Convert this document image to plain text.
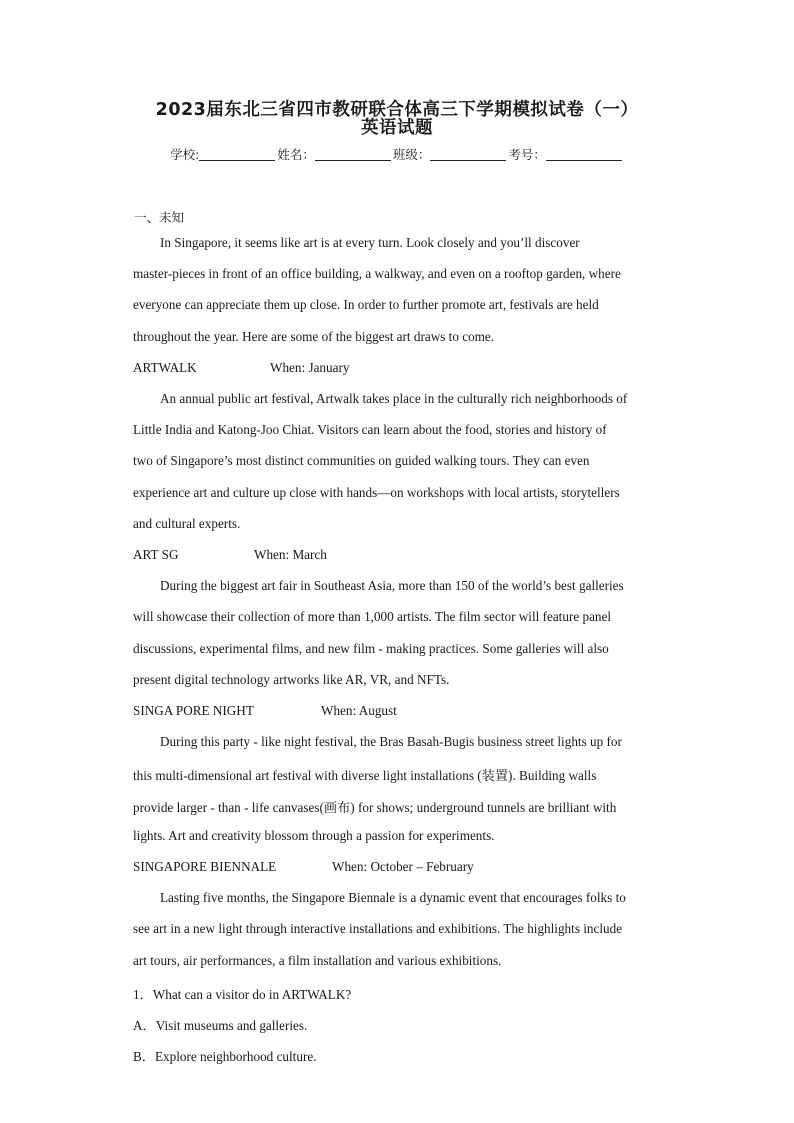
2023届东北三省四市教研联合体高三下学期模拟试卷（一）
英语试题
学校:	姓名：	班级：	考号：
一、未知
In Singapore, it seems like art is at every turn. Look closely and you’ll discover
master-pieces in front of an office building, a walkway, and even on a rooftop garden, where
everyone can appreciate them up close. In order to further promote art, festivals are held
throughout the year. Here are some of the biggest art draws to come.
ARTWALK	When: January
An annual public art festival, Artwalk takes place in the culturally rich neighborhoods of
Little India and Katong-Joo Chiat. Visitors can learn about the food, stories and history of
two of Singapore’s most distinct communities on guided walking tours. They can even
experience art and culture up close with hands—on workshops with local artists, storytellers
and cultural experts.
ART SG	When: March
During the biggest art fair in Southeast Asia, more than 150 of the world’s best galleries
will showcase their collection of more than 1,000 artists. The film sector will feature panel
discussions, experimental films, and new film - making practices. Some galleries will also
present digital technology artworks like AR, VR, and NFTs.
SINGA PORE NIGHT	When: August
During this party - like night festival, the Bras Basah-Bugis business street lights up for
this multi-dimensional art festival with diverse light installations (装置). Building walls
provide larger - than - life canvases(画布) for shows; underground tunnels are brilliant with
lights. Art and creativity blossom through a passion for experiments.
SINGAPORE BIENNALE	When: October – February
Lasting five months, the Singapore Biennale is a dynamic event that encourages folks to
see art in a new light through interactive installations and exhibitions. The highlights include
art tours, air performances, a film installation and various exhibitions.
1．What can a visitor do in ARTWALK?
A．Visit museums and galleries.
B．Explore neighborhood culture.
